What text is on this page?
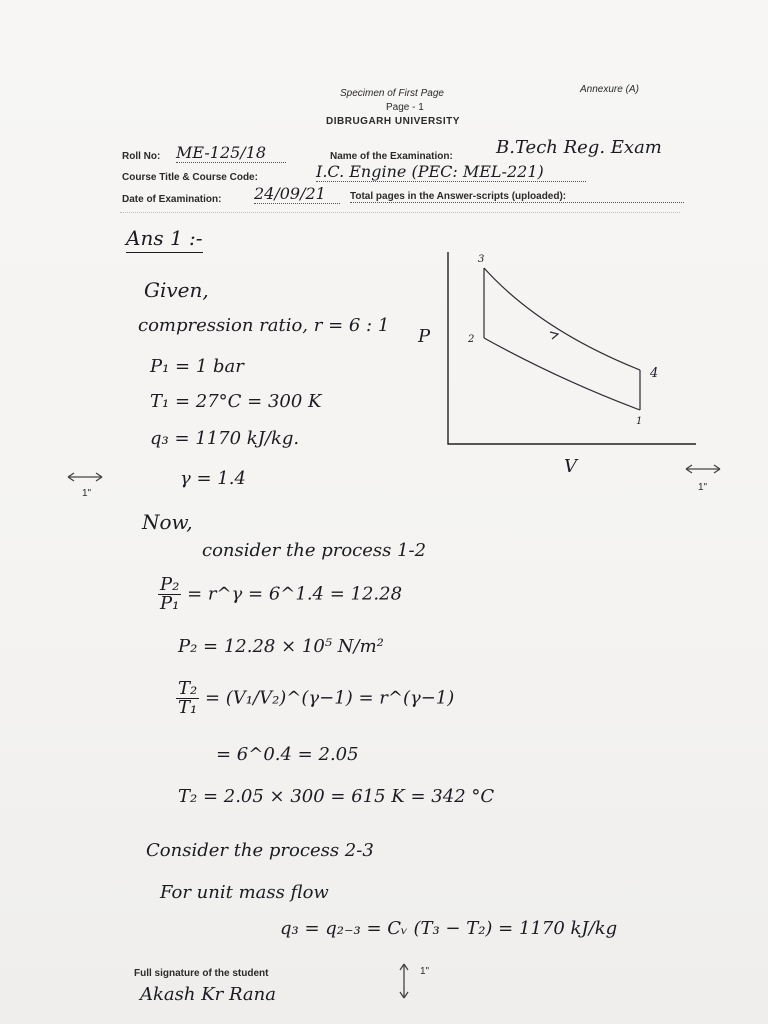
Specimen of First Page
Page - 1
DIBRUGARH UNIVERSITY
Annexure (A)
Roll No: ME-125/18	Name of the Examination: B.Tech Reg. Exam
Course Title & Course Code:	I.C. Engine (PEC: MEL-221)
Date of Examination: 24/09/21	Total pages in the Answer-scripts (uploaded):
1"
1"
1"
Ans 1 :-
Given,
compression ratio, r = 6 : 1
P₁ = 1 bar
T₁ = 27°C = 300 K
q₃ = 1170 kJ/kg.
γ = 1.4
Now,
consider the process 1-2
$\frac{\text{P₂}}{\text{P₁}}$ = r^γ = 6^1.4 = 12.28
P₂ = 12.28 × 10⁵ N/m²
$\frac{\text{T₂}}{\text{T₁}}$ = (V₁/V₂)^(γ−1) = r^(γ−1)
= 6^0.4 = 2.05
T₂ = 2.05 × 300 = 615 K = 342 °C
Consider the process 2-3
For unit mass flow
q₃ = q₂₋₃ = Cᵥ (T₃ − T₂) = 1170 kJ/kg
P
V
3
2
4
1
Full signature of the student
Akash Kr Rana
